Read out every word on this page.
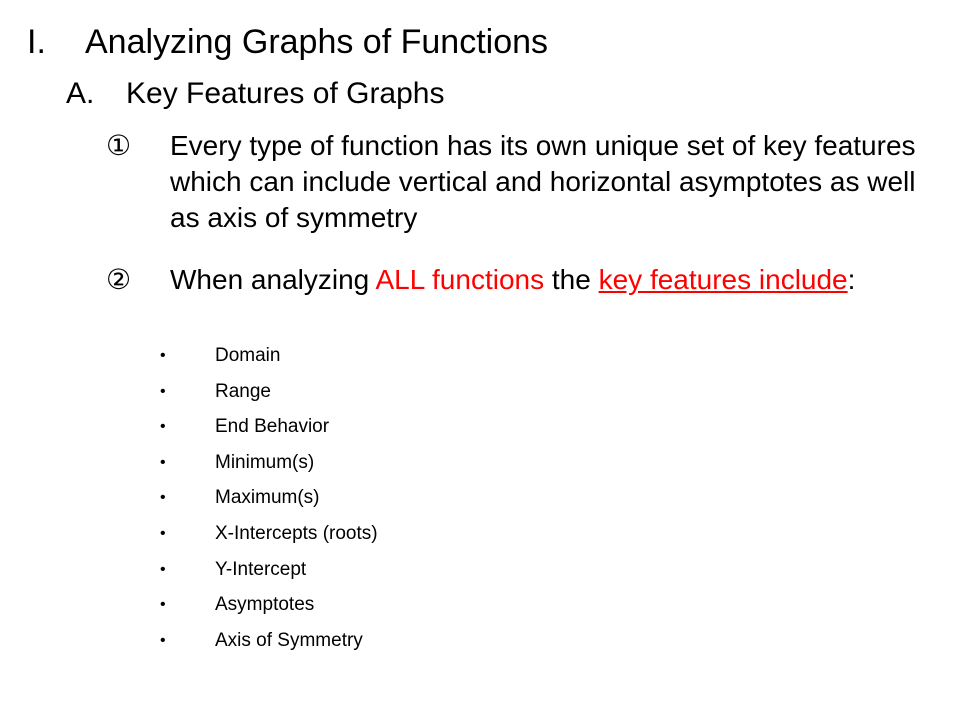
I. Analyzing Graphs of Functions
A. Key Features of Graphs
①	Every type of function has its own unique set of key features which can include vertical and horizontal asymptotes as well as axis of symmetry
②	When analyzing ALL functions the key features include:
•	Domain
•	Range
•	End Behavior
•	Minimum(s)
•	Maximum(s)
•	X-Intercepts (roots)
•	Y-Intercept
•	Asymptotes
•	Axis of Symmetry
